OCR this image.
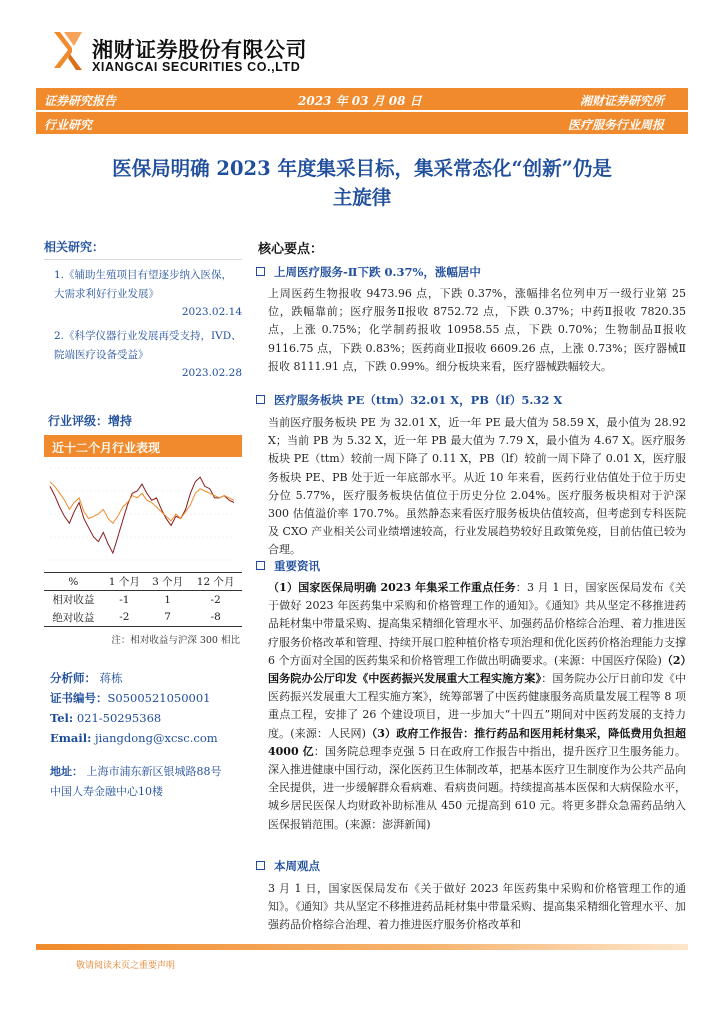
湘财证券股份有限公司
XIANGCAI SECURITIES CO.,LTD
证券研究报告	2023 年 03 月 08 日	湘财证券研究所
行业研究	医疗服务行业周报
医保局明确 2023 年度集采目标，集采常态化“创新”仍是
主旋律
相关研究：
1.《辅助生殖项目有望逐步纳入医保，大需求利好行业发展》
2023.02.14
2.《科学仪器行业发展再受支持，IVD、院端医疗设备受益》
2023.02.28
行业评级：增持
近十二个月行业表现
%	1 个月	3 个月	12 个月
相对收益	-1	1	-2
绝对收益	-2	7	-8
注：相对收益与沪深 300 相比
分析师： 蒋栋
证书编号：S0500521050001
Tel: 021-50295368
Email: jiangdong@xcsc.com
地址： 上海市浦东新区银城路88号
中国人寿金融中心10楼
核心要点：
上周医疗服务-Ⅱ下跌 0.37%，涨幅居中
上周医药生物报收 9473.96 点，下跌 0.37%，涨幅排名位列申万一级行业第 25 位，跌幅靠前；医疗服务Ⅱ报收 8752.72 点，下跌 0.37%；中药Ⅱ报收 7820.35 点，上涨 0.75%；化学制药报收 10958.55 点，下跌 0.70%；生物制品Ⅱ报收 9116.75 点，下跌 0.83%；医药商业Ⅱ报收 6609.26 点，上涨 0.73%；医疗器械Ⅱ报收 8111.91 点，下跌 0.99%。细分板块来看，医疗器械跌幅较大。
医疗服务板块 PE（ttm）32.01 X，PB（lf）5.32 X
当前医疗服务板块 PE 为 32.01 X，近一年 PE 最大值为 58.59 X，最小值为 28.92 X；当前 PB 为 5.32 X，近一年 PB 最大值为 7.79 X，最小值为 4.67 X。医疗服务板块 PE（ttm）较前一周下降了 0.11 X，PB（lf）较前一周下降了 0.01 X，医疗服务板块 PE、PB 处于近一年底部水平。从近 10 年来看，医药行业估值处于位于历史分位 5.77%，医疗服务板块估值位于历史分位 2.04%。医疗服务板块相对于沪深 300 估值溢价率 170.7%。虽然静态来看医疗服务板块估值较高，但考虑到专科医院及 CXO 产业相关公司业绩增速较高，行业发展趋势较好且政策免疫，目前估值已较为合理。
重要资讯
（1）国家医保局明确 2023 年集采工作重点任务：3 月 1 日，国家医保局发布《关于做好 2023 年医药集中采购和价格管理工作的通知》。《通知》共从坚定不移推进药品耗材集中带量采购、提高集采精细化管理水平、加强药品价格综合治理、着力推进医疗服务价格改革和管理、持续开展口腔种植价格专项治理和优化医药价格治理能力支撑 6 个方面对全国的医药集采和价格管理工作做出明确要求。(来源：中国医疗保险)（2）国务院办公厅印发《中医药振兴发展重大工程实施方案》：国务院办公厅日前印发《中医药振兴发展重大工程实施方案》，统筹部署了中医药健康服务高质量发展工程等 8 项重点工程，安排了 26 个建设项目，进一步加大“十四五”期间对中医药发展的支持力度。(来源：人民网)（3）政府工作报告：推行药品和医用耗材集采，降低费用负担超 4000 亿：国务院总理李克强 5 日在政府工作报告中指出，提升医疗卫生服务能力。深入推进健康中国行动，深化医药卫生体制改革，把基本医疗卫生制度作为公共产品向全民提供，进一步缓解群众看病难、看病贵问题。持续提高基本医保和大病保险水平，城乡居民医保人均财政补助标准从 450 元提高到 610 元。将更多群众急需药品纳入医保报销范围。(来源：澎湃新闻)
本周观点
3 月 1 日，国家医保局发布《关于做好 2023 年医药集中采购和价格管理工作的通知》。《通知》共从坚定不移推进药品耗材集中带量采购、提高集采精细化管理水平、加强药品价格综合治理、着力推进医疗服务价格改革和
敬请阅读末页之重要声明
